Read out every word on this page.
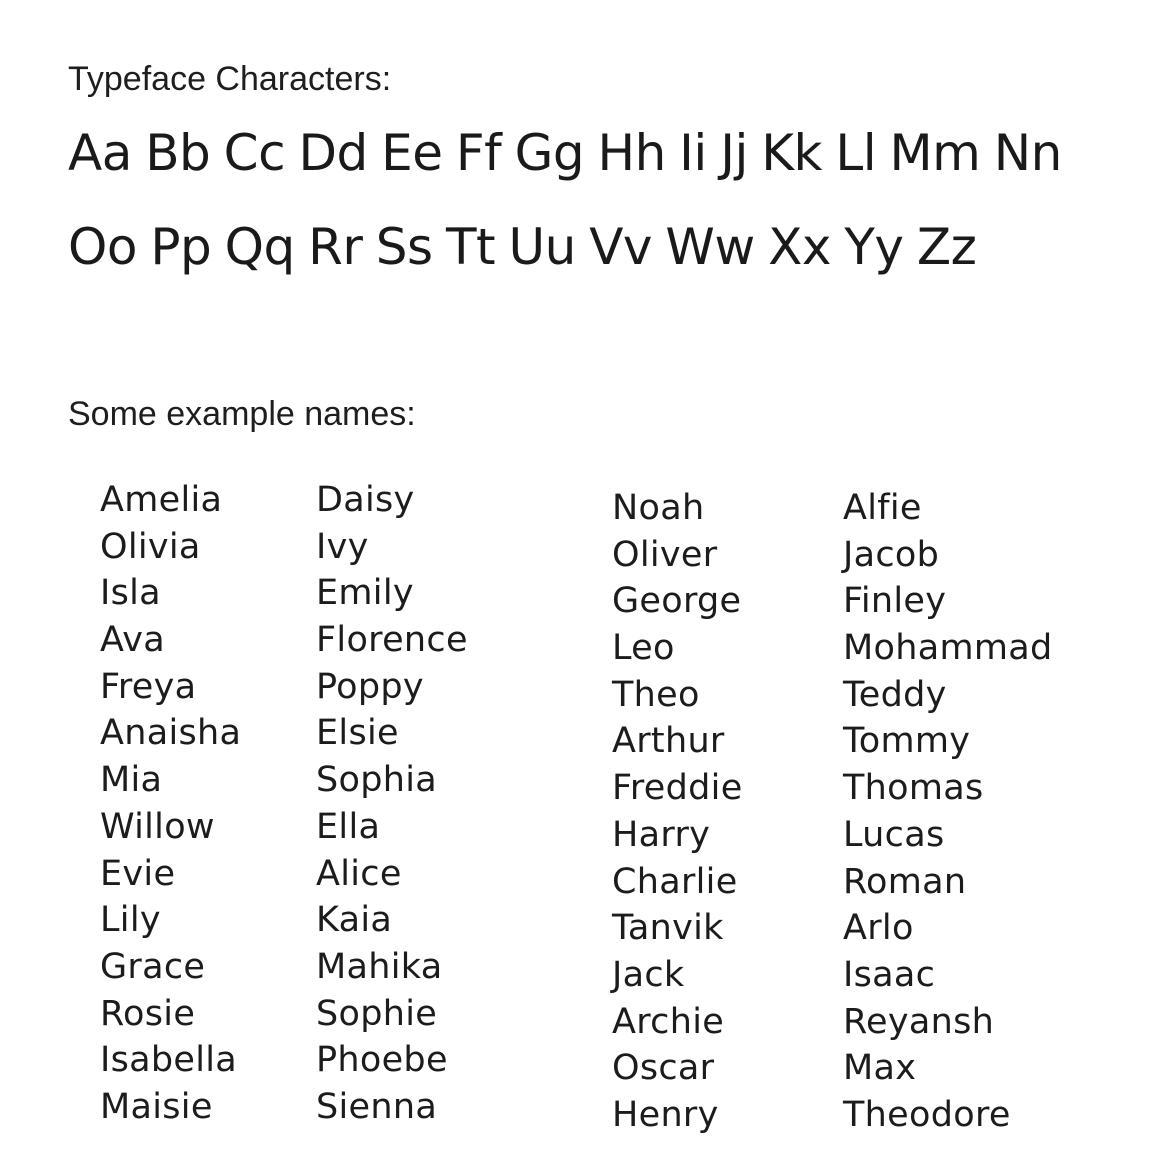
Typeface Characters:
Aa Bb Cc Dd Ee Ff Gg Hh Ii Jj Kk Ll Mm Nn
Oo Pp Qq Rr Ss Tt Uu Vv Ww Xx Yy Zz
Some example names:
Amelia
Olivia
Isla
Ava
Freya
Anaisha
Mia
Willow
Evie
Lily
Grace
Rosie
Isabella
Maisie
Daisy
Ivy
Emily
Florence
Poppy
Elsie
Sophia
Ella
Alice
Kaia
Mahika
Sophie
Phoebe
Sienna
Noah
Oliver
George
Leo
Theo
Arthur
Freddie
Harry
Charlie
Tanvik
Jack
Archie
Oscar
Henry
Alfie
Jacob
Finley
Mohammad
Teddy
Tommy
Thomas
Lucas
Roman
Arlo
Isaac
Reyansh
Max
Theodore
